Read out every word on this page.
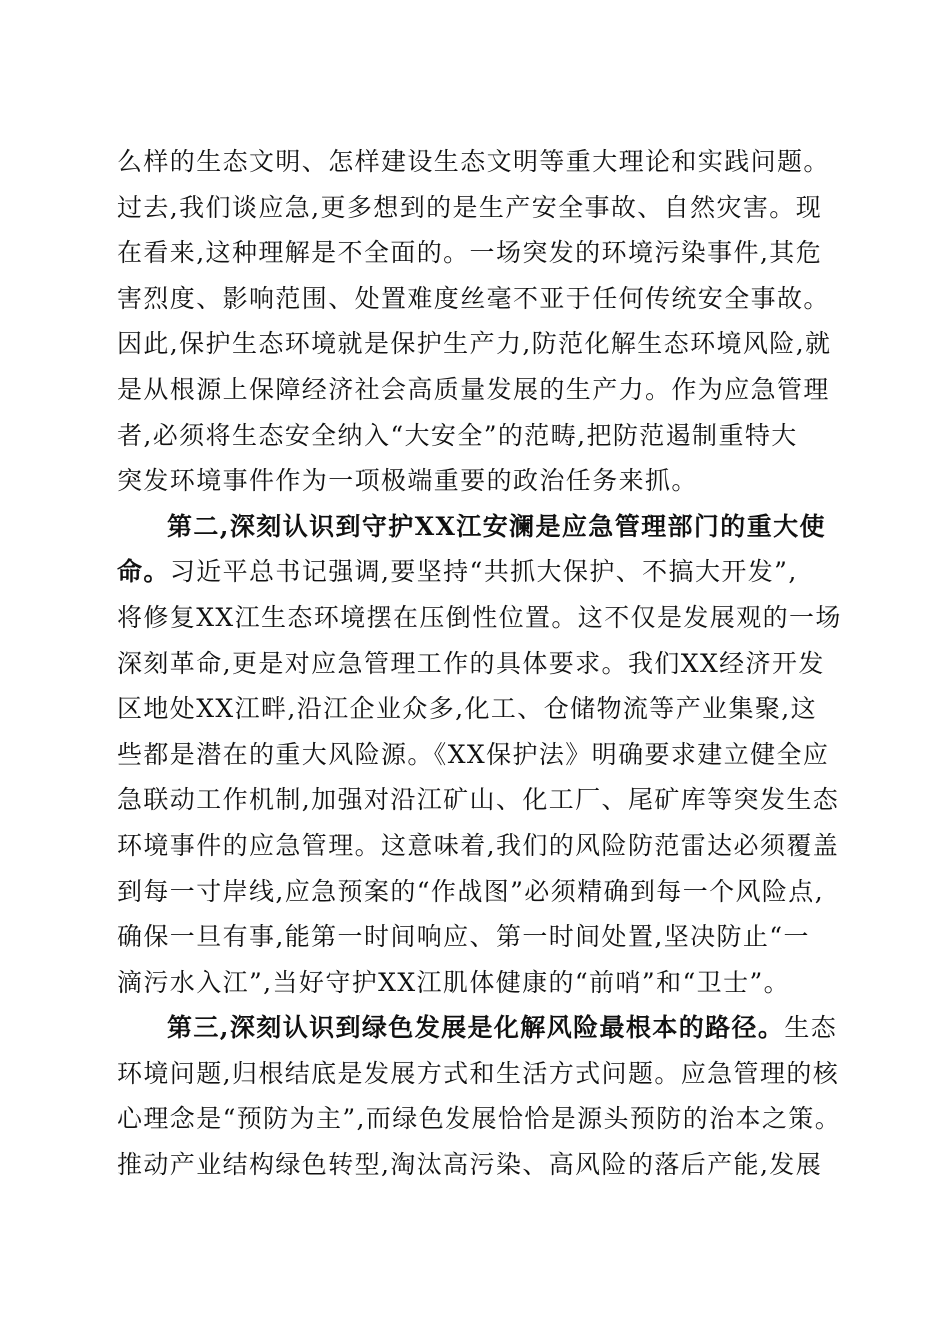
么样的生态文明、怎样建设生态文明等重大理论和实践问题。
过去,我们谈应急,更多想到的是生产安全事故、自然灾害。现
在看来,这种理解是不全面的。一场突发的环境污染事件,其危
害烈度、影响范围、处置难度丝毫不亚于任何传统安全事故。
因此,保护生态环境就是保护生产力,防范化解生态环境风险,就
是从根源上保障经济社会高质量发展的生产力。作为应急管理
者,必须将生态安全纳入“大安全”的范畴,把防范遏制重特大
突发环境事件作为一项极端重要的政治任务来抓。
第二,深刻认识到守护XX江安澜是应急管理部门的重大使
命。习近平总书记强调,要坚持“共抓大保护、不搞大开发”,
将修复XX江生态环境摆在压倒性位置。这不仅是发展观的一场
深刻革命,更是对应急管理工作的具体要求。我们XX经济开发
区地处XX江畔,沿江企业众多,化工、仓储物流等产业集聚,这
些都是潜在的重大风险源。《XX保护法》明确要求建立健全应
急联动工作机制,加强对沿江矿山、化工厂、尾矿库等突发生态
环境事件的应急管理。这意味着,我们的风险防范雷达必须覆盖
到每一寸岸线,应急预案的“作战图”必须精确到每一个风险点,
确保一旦有事,能第一时间响应、第一时间处置,坚决防止“一
滴污水入江”,当好守护XX江肌体健康的“前哨”和“卫士”。
第三,深刻认识到绿色发展是化解风险最根本的路径。生态
环境问题,归根结底是发展方式和生活方式问题。应急管理的核
心理念是“预防为主”,而绿色发展恰恰是源头预防的治本之策。
推动产业结构绿色转型,淘汰高污染、高风险的落后产能,发展
